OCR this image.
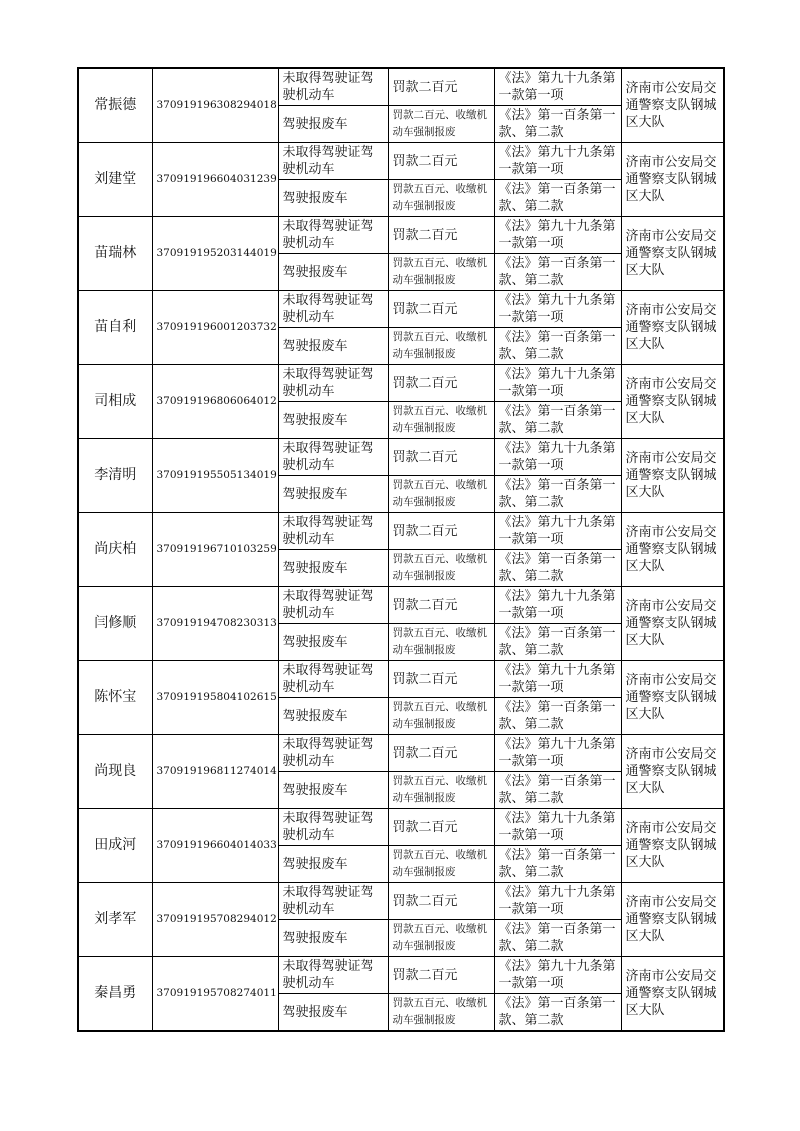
常振德	370919196308294018	未取得驾驶证驾驶机动车	罚款二百元	《法》第九十九条第一款第一项	济南市公安局交通警察支队钢城区大队
		驾驶报废车	罚款二百元、收缴机动车强制报废	《法》第一百条第一款、第二款	
刘建堂	370919196604031239	未取得驾驶证驾驶机动车	罚款二百元	《法》第九十九条第一款第一项	济南市公安局交通警察支队钢城区大队
		驾驶报废车	罚款五百元、收缴机动车强制报废	《法》第一百条第一款、第二款	
苗瑞林	370919195203144019	未取得驾驶证驾驶机动车	罚款二百元	《法》第九十九条第一款第一项	济南市公安局交通警察支队钢城区大队
		驾驶报废车	罚款五百元、收缴机动车强制报废	《法》第一百条第一款、第二款	
苗自利	370919196001203732	未取得驾驶证驾驶机动车	罚款二百元	《法》第九十九条第一款第一项	济南市公安局交通警察支队钢城区大队
		驾驶报废车	罚款五百元、收缴机动车强制报废	《法》第一百条第一款、第二款	
司相成	370919196806064012	未取得驾驶证驾驶机动车	罚款二百元	《法》第九十九条第一款第一项	济南市公安局交通警察支队钢城区大队
		驾驶报废车	罚款五百元、收缴机动车强制报废	《法》第一百条第一款、第二款	
李清明	370919195505134019	未取得驾驶证驾驶机动车	罚款二百元	《法》第九十九条第一款第一项	济南市公安局交通警察支队钢城区大队
		驾驶报废车	罚款五百元、收缴机动车强制报废	《法》第一百条第一款、第二款	
尚庆柏	370919196710103259	未取得驾驶证驾驶机动车	罚款二百元	《法》第九十九条第一款第一项	济南市公安局交通警察支队钢城区大队
		驾驶报废车	罚款五百元、收缴机动车强制报废	《法》第一百条第一款、第二款	
闫修顺	370919194708230313	未取得驾驶证驾驶机动车	罚款二百元	《法》第九十九条第一款第一项	济南市公安局交通警察支队钢城区大队
		驾驶报废车	罚款五百元、收缴机动车强制报废	《法》第一百条第一款、第二款	
陈怀宝	370919195804102615	未取得驾驶证驾驶机动车	罚款二百元	《法》第九十九条第一款第一项	济南市公安局交通警察支队钢城区大队
		驾驶报废车	罚款五百元、收缴机动车强制报废	《法》第一百条第一款、第二款	
尚现良	370919196811274014	未取得驾驶证驾驶机动车	罚款二百元	《法》第九十九条第一款第一项	济南市公安局交通警察支队钢城区大队
		驾驶报废车	罚款五百元、收缴机动车强制报废	《法》第一百条第一款、第二款	
田成河	370919196604014033	未取得驾驶证驾驶机动车	罚款二百元	《法》第九十九条第一款第一项	济南市公安局交通警察支队钢城区大队
		驾驶报废车	罚款五百元、收缴机动车强制报废	《法》第一百条第一款、第二款	
刘孝军	370919195708294012	未取得驾驶证驾驶机动车	罚款二百元	《法》第九十九条第一款第一项	济南市公安局交通警察支队钢城区大队
		驾驶报废车	罚款五百元、收缴机动车强制报废	《法》第一百条第一款、第二款	
秦昌勇	370919195708274011	未取得驾驶证驾驶机动车	罚款二百元	《法》第九十九条第一款第一项	济南市公安局交通警察支队钢城区大队
		驾驶报废车	罚款五百元、收缴机动车强制报废	《法》第一百条第一款、第二款	
